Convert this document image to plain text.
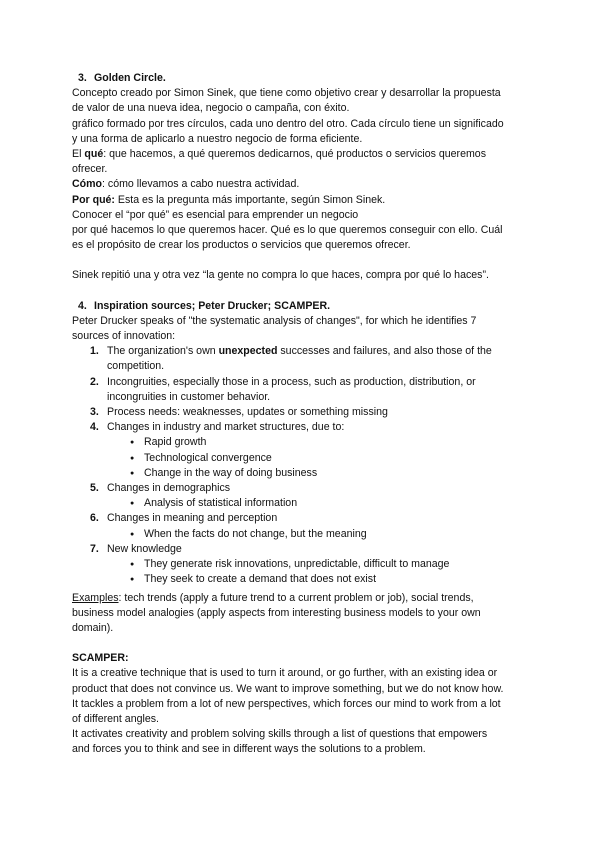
3. Golden Circle.

Concepto creado por Simon Sinek, que tiene como objetivo crear y desarrollar la propuesta

de valor de una nueva idea, negocio o campaña, con éxito.

gráfico formado por tres círculos, cada uno dentro del otro. Cada círculo tiene un significado

y una forma de aplicarlo a nuestro negocio de forma eficiente.

El qué: que hacemos, a qué queremos dedicarnos, qué productos o servicios queremos

ofrecer.

Cómo: cómo llevamos a cabo nuestra actividad.

Por qué: Esta es la pregunta más importante, según Simon Sinek.

Conocer el “por qué” es esencial para emprender un negocio

por qué hacemos lo que queremos hacer. Qué es lo que queremos conseguir con ello. Cuál

es el propósito de crear los productos o servicios que queremos ofrecer.

Sinek repitió una y otra vez “la gente no compra lo que haces, compra por qué lo haces”.

4. Inspiration sources; Peter Drucker; SCAMPER.

Peter Drucker speaks of "the systematic analysis of changes", for which he identifies 7

sources of innovation:

1. The organization's own unexpected successes and failures, and also those of the
competition.
2. Incongruities, especially those in a process, such as production, distribution, or
incongruities in customer behavior.
3. Process needs: weaknesses, updates or something missing
4. Changes in industry and market structures, due to:
● Rapid growth
● Technological convergence
● Change in the way of doing business
5. Changes in demographics
● Analysis of statistical information
6. Changes in meaning and perception
● When the facts do not change, but the meaning
7. New knowledge
● They generate risk innovations, unpredictable, difficult to manage
● They seek to create a demand that does not exist

Examples: tech trends (apply a future trend to a current problem or job), social trends,

business model analogies (apply aspects from interesting business models to your own

domain).

SCAMPER:

It is a creative technique that is used to turn it around, or go further, with an existing idea or

product that does not convince us. We want to improve something, but we do not know how.

It tackles a problem from a lot of new perspectives, which forces our mind to work from a lot

of different angles.

It activates creativity and problem solving skills through a list of questions that empowers

and forces you to think and see in different ways the solutions to a problem.
